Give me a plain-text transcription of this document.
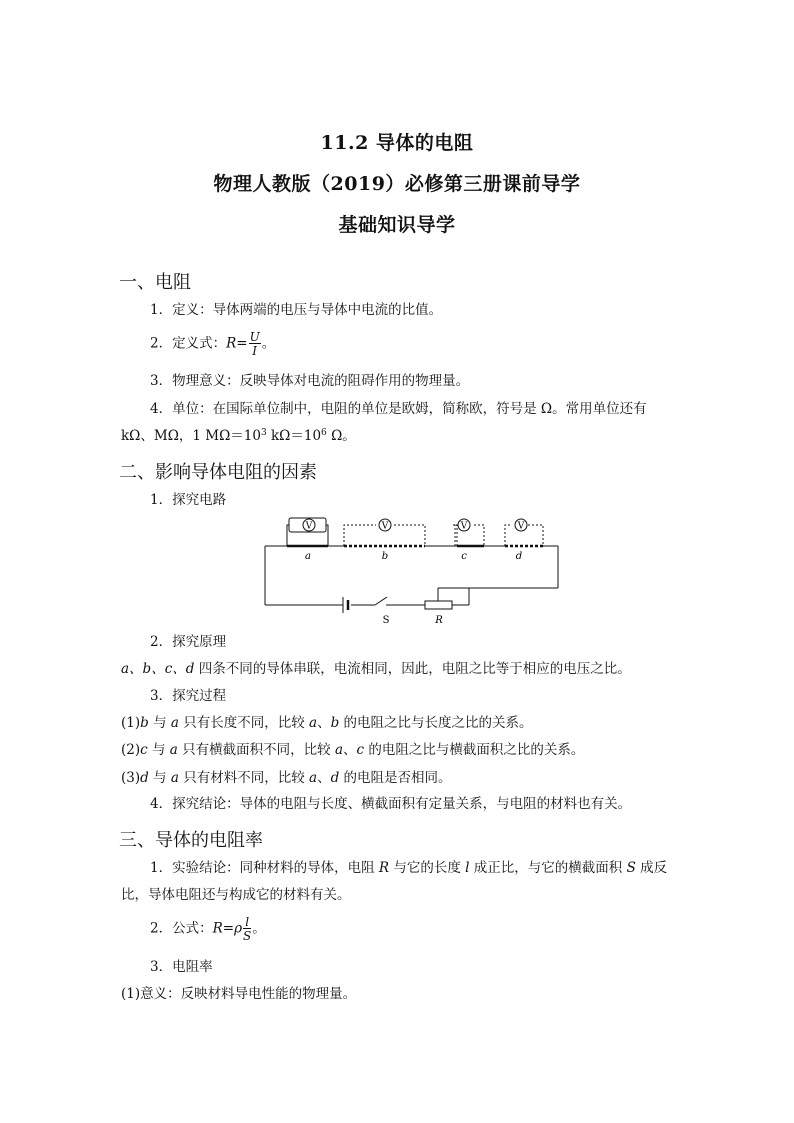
11.2 导体的电阻
物理人教版（2019）必修第三册课前导学
基础知识导学
一、电阻
1．定义：导体两端的电压与导体中电流的比值。
2．定义式：$R= \frac{U}{I}$ 。
3．物理意义：反映导体对电流的阻碍作用的物理量。
4．单位：在国际单位制中，电阻的单位是欧姆，简称欧，符号是 Ω。常用单位还有
kΩ、MΩ，1 $M\Omega=10^3$ $k\Omega=10^6$ Ω。
二、影响导体电阻的因素
1．探究电路
V	V	V	V
a	b	c	d
S	R
2．探究原理
a、b、c、d 四条不同的导体串联，电流相同，因此，电阻之比等于相应的电压之比。
3．探究过程
(1)b 与 a 只有长度不同，比较 a、b 的电阻之比与长度之比的关系。
(2)c 与 a 只有横截面积不同，比较 a、c 的电阻之比与横截面积之比的关系。
(3)d 与 a 只有材料不同，比较 a、d 的电阻是否相同。
4．探究结论：导体的电阻与长度、横截面积有定量关系，与电阻的材料也有关。
三、导体的电阻率
1．实验结论：同种材料的导体，电阻 R 与它的长度 l 成正比，与它的横截面积 S 成反
比，导体电阻还与构成它的材料有关。
2．公式：$R=\rho \frac{l}{S}$ 。
3．电阻率
(1)意义：反映材料导电性能的物理量。
